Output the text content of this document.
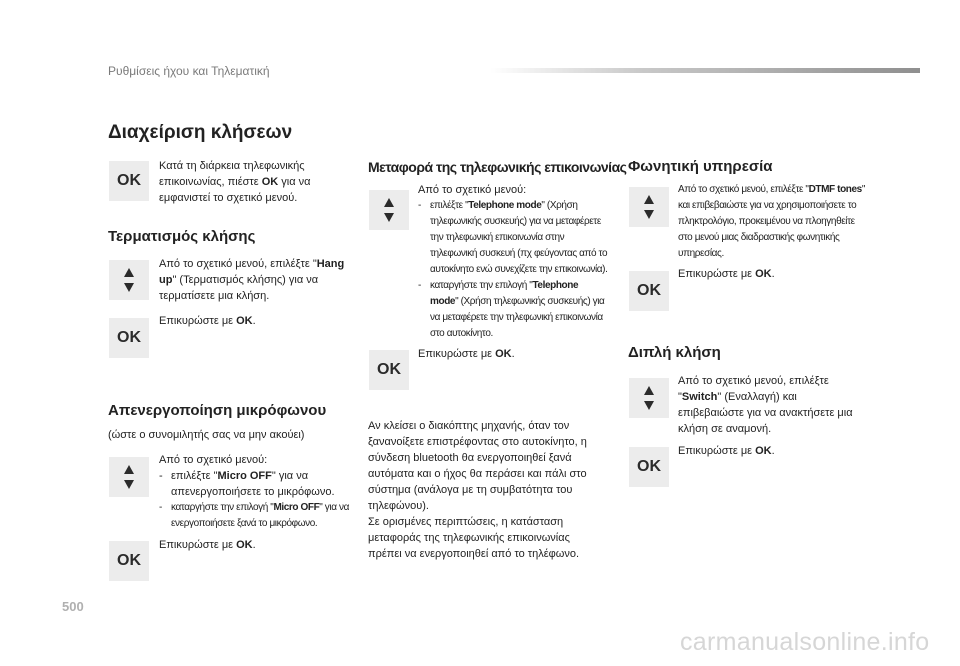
Ρυθμίσεις ήχου και Τηλεματική
Διαχείριση κλήσεων
OK
Κατά τη διάρκεια τηλεφωνικής επικοινωνίας, πιέστε OK για να εμφανιστεί το σχετικό μενού.
Τερματισμός κλήσης
Από το σχετικό μενού, επιλέξτε "Hang up" (Τερματισμός κλήσης) για να τερματίσετε μια κλήση.
OK
Επικυρώστε με OK.
Απενεργοποίηση μικρόφωνου
(ώστε ο συνομιλητής σας να μην ακούει)
Από το σχετικό μενού:
- επιλέξτε "Micro OFF" για να απενεργοποιήσετε το μικρόφωνο.
- καταργήστε την επιλογή "Micro OFF" για να ενεργοποιήσετε ξανά το μικρόφωνο.
OK
Επικυρώστε με OK.
Μεταφορά της τηλεφωνικής επικοινωνίας
Από το σχετικό μενού:
- επιλέξτε "Telephone mode" (Χρήση τηλεφωνικής συσκευής) για να μεταφέρετε την τηλεφωνική επικοινωνία στην τηλεφωνική συσκευή (πχ φεύγοντας από το αυτοκίνητο ενώ συνεχίζετε την επικοινωνία).
- καταργήστε την επιλογή "Telephone mode" (Χρήση τηλεφωνικής συσκευής) για να μεταφέρετε την τηλεφωνική επικοινωνία στο αυτοκίνητο.
OK
Επικυρώστε με OK.
Αν κλείσει ο διακόπτης μηχανής, όταν τον ξανανοίξετε επιστρέφοντας στο αυτοκίνητο, η σύνδεση bluetooth θα ενεργοποιηθεί ξανά αυτόματα και ο ήχος θα περάσει και πάλι στο σύστημα (ανάλογα με τη συμβατότητα του τηλεφώνου).
Σε ορισμένες περιπτώσεις, η κατάσταση μεταφοράς της τηλεφωνικής επικοινωνίας πρέπει να ενεργοποιηθεί από το τηλέφωνο.
Φωνητική υπηρεσία
Από το σχετικό μενού, επιλέξτε "DTMF tones" και επιβεβαιώστε για να χρησιμοποιήσετε το πληκτρολόγιο, προκειμένου να πλοηγηθείτε στο μενού μιας διαδραστικής φωνητικής υπηρεσίας.
OK
Επικυρώστε με OK.
Διπλή κλήση
Από το σχετικό μενού, επιλέξτε "Switch" (Εναλλαγή) και επιβεβαιώστε για να ανακτήσετε μια κλήση σε αναμονή.
OK
Επικυρώστε με OK.
500
carmanualsonline.info
